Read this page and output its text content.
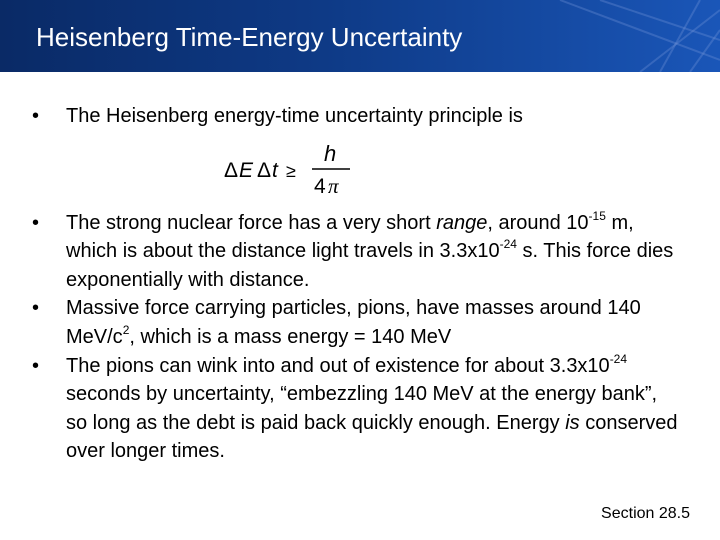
Heisenberg Time-Energy Uncertainty
• The Heisenberg energy-time uncertainty principle is
Δ E Δ t ≥
h
4 π
• The strong nuclear force has a very short range, around $10^{-15}$ m, which is about the distance light travels in $3.3x10^{-24}$ s. This force dies exponentially with distance.
• Massive force carrying particles, pions, have masses around 140 MeV/$c^2$, which is a mass energy = 140 MeV
• The pions can wink into and out of existence for about $3.3x10^{-24}$ seconds by uncertainty, “embezzling 140 MeV at the energy bank”, so long as the debt is paid back quickly enough. Energy is conserved over longer times.
Section 28.5
